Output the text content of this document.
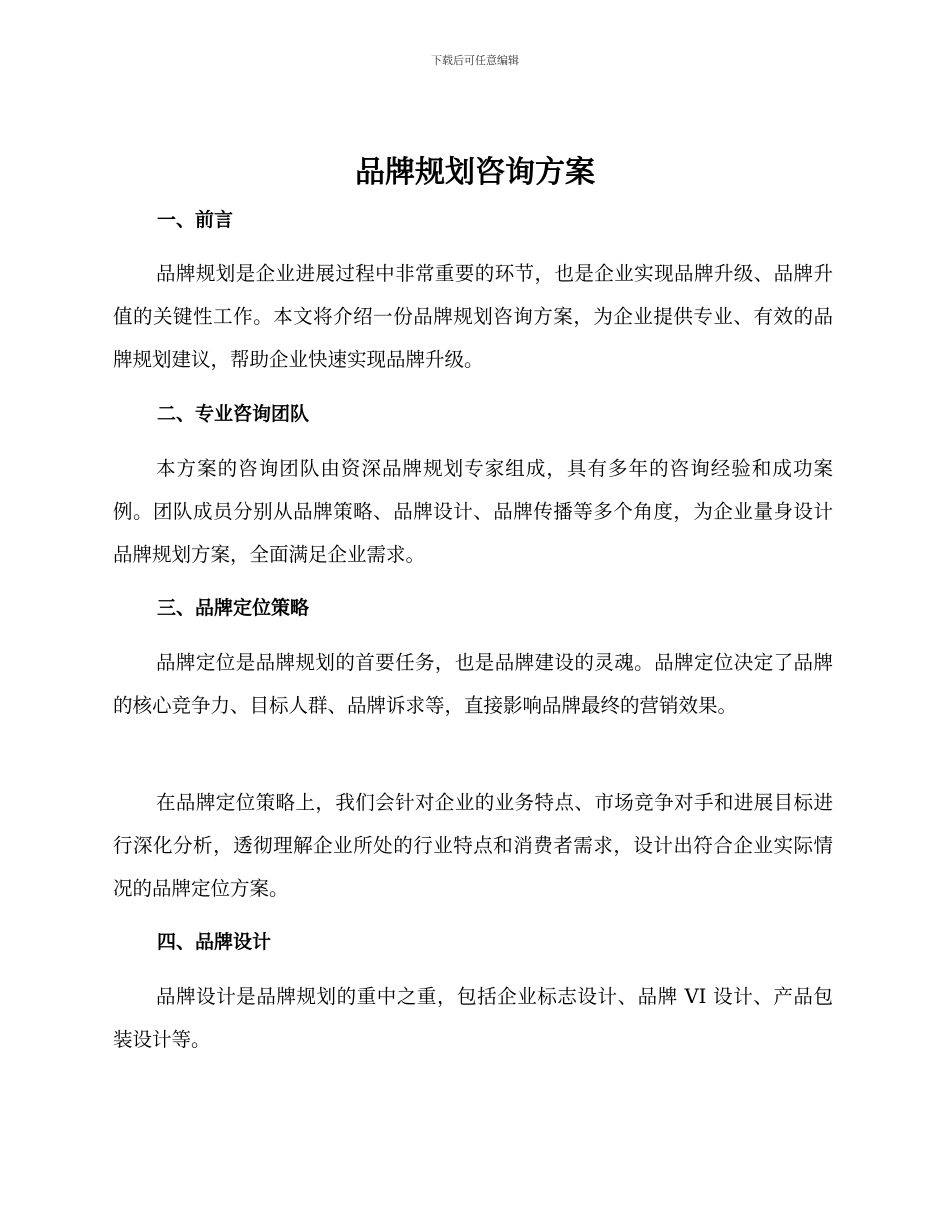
下载后可任意编辑
品牌规划咨询方案
一、前言

品牌规划是企业进展过程中非常重要的环节，也是企业实现品牌升级、品牌升值的关键性工作。本文将介绍一份品牌规划咨询方案，为企业提供专业、有效的品牌规划建议，帮助企业快速实现品牌升级。

二、专业咨询团队

本方案的咨询团队由资深品牌规划专家组成，具有多年的咨询经验和成功案例。团队成员分别从品牌策略、品牌设计、品牌传播等多个角度，为企业量身设计品牌规划方案，全面满足企业需求。

三、品牌定位策略

品牌定位是品牌规划的首要任务，也是品牌建设的灵魂。品牌定位决定了品牌的核心竞争力、目标人群、品牌诉求等，直接影响品牌最终的营销效果。

在品牌定位策略上，我们会针对企业的业务特点、市场竞争对手和进展目标进行深化分析，透彻理解企业所处的行业特点和消费者需求，设计出符合企业实际情况的品牌定位方案。

四、品牌设计

品牌设计是品牌规划的重中之重，包括企业标志设计、品牌 VI 设计、产品包装设计等。
